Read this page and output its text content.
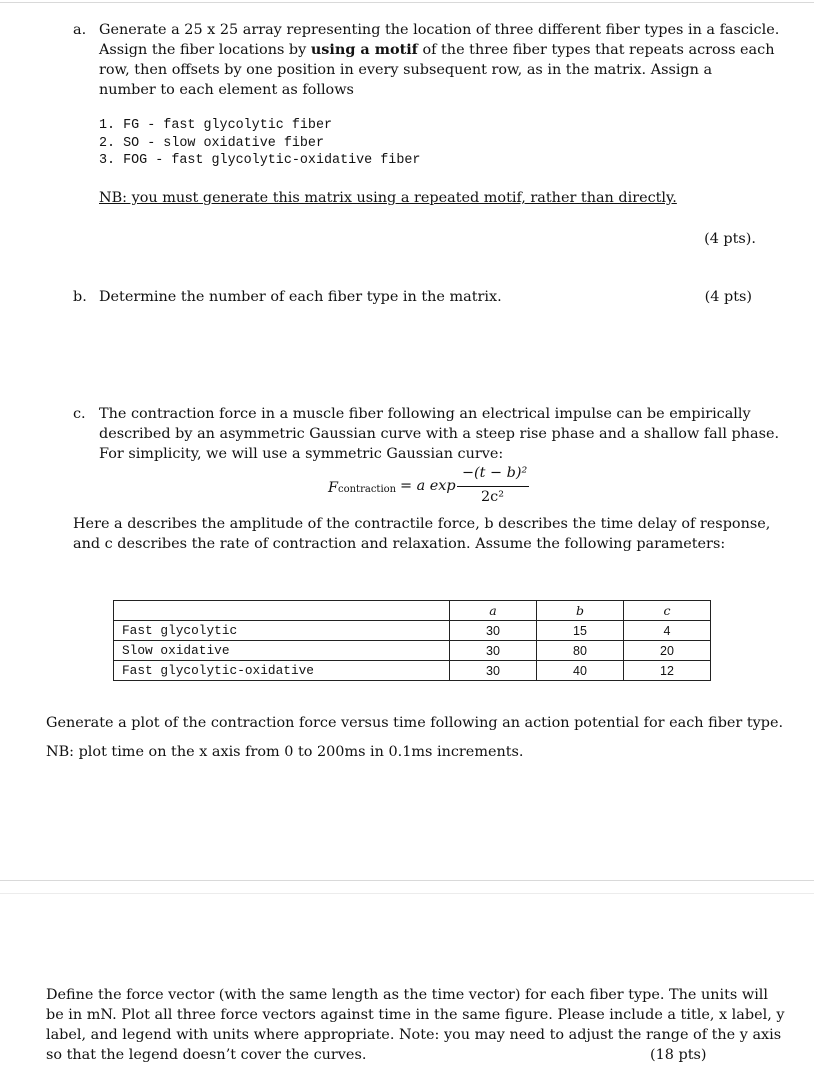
a. Generate a 25 x 25 array representing the location of three different fiber types in a fascicle.
Assign the fiber locations by using a motif of the three fiber types that repeats across each
row, then offsets by one position in every subsequent row, as in the matrix. Assign a
number to each element as follows
1. FG - fast glycolytic fiber
2. SO - slow oxidative fiber
3. FOG - fast glycolytic-oxidative fiber
NB: you must generate this matrix using a repeated motif, rather than directly.
(4 pts).
b. Determine the number of each fiber type in the matrix.	(4 pts)
c. The contraction force in a muscle fiber following an electrical impulse can be empirically
described by an asymmetric Gaussian curve with a steep rise phase and a shallow fall phase.
For simplicity, we will use a symmetric Gaussian curve:
Fcontraction = a exp
−(t − b)²
2c²
Here a describes the amplitude of the contractile force, b describes the time delay of response,
and c describes the rate of contraction and relaxation. Assume the following parameters:
	a	b	c
Fast glycolytic	30	15	4
Slow oxidative	30	80	20
Fast glycolytic-oxidative	30	40	12
Generate a plot of the contraction force versus time following an action potential for each fiber type.
NB: plot time on the x axis from 0 to 200ms in 0.1ms increments.
Define the force vector (with the same length as the time vector) for each fiber type. The units will
be in mN. Plot all three force vectors against time in the same figure. Please include a title, x label, y
label, and legend with units where appropriate. Note: you may need to adjust the range of the y axis
so that the legend doesn’t cover the curves.	(18 pts)
